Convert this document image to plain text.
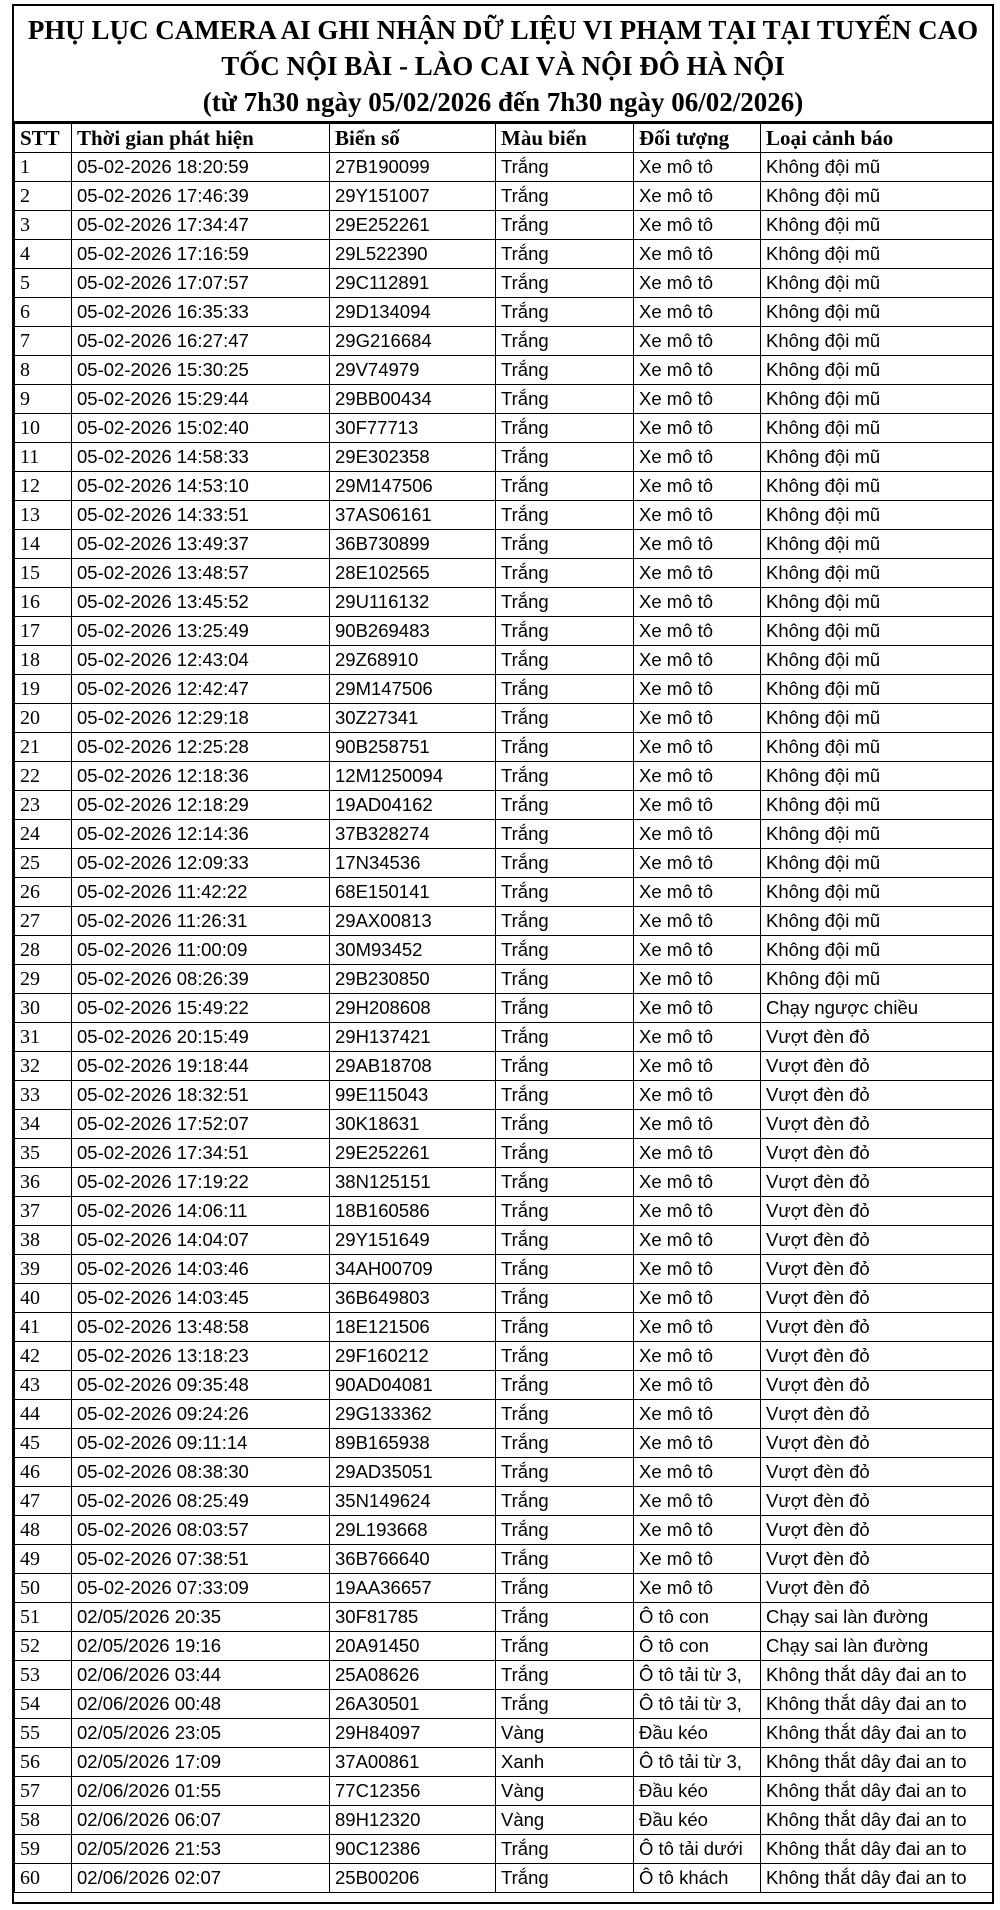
PHỤ LỤC CAMERA AI GHI NHẬN DỮ LIỆU VI PHẠM TẠI TẠI TUYẾN CAO
TỐC NỘI BÀI - LÀO CAI VÀ NỘI ĐÔ HÀ NỘI
(từ 7h30 ngày 05/02/2026 đến 7h30 ngày 06/02/2026)
STT	Thời gian phát hiện	Biển số	Màu biển	Đối tượng	Loại cảnh báo
1	05-02-2026 18:20:59	27B190099	Trắng	Xe mô tô	Không đội mũ
2	05-02-2026 17:46:39	29Y151007	Trắng	Xe mô tô	Không đội mũ
3	05-02-2026 17:34:47	29E252261	Trắng	Xe mô tô	Không đội mũ
4	05-02-2026 17:16:59	29L522390	Trắng	Xe mô tô	Không đội mũ
5	05-02-2026 17:07:57	29C112891	Trắng	Xe mô tô	Không đội mũ
6	05-02-2026 16:35:33	29D134094	Trắng	Xe mô tô	Không đội mũ
7	05-02-2026 16:27:47	29G216684	Trắng	Xe mô tô	Không đội mũ
8	05-02-2026 15:30:25	29V74979	Trắng	Xe mô tô	Không đội mũ
9	05-02-2026 15:29:44	29BB00434	Trắng	Xe mô tô	Không đội mũ
10	05-02-2026 15:02:40	30F77713	Trắng	Xe mô tô	Không đội mũ
11	05-02-2026 14:58:33	29E302358	Trắng	Xe mô tô	Không đội mũ
12	05-02-2026 14:53:10	29M147506	Trắng	Xe mô tô	Không đội mũ
13	05-02-2026 14:33:51	37AS06161	Trắng	Xe mô tô	Không đội mũ
14	05-02-2026 13:49:37	36B730899	Trắng	Xe mô tô	Không đội mũ
15	05-02-2026 13:48:57	28E102565	Trắng	Xe mô tô	Không đội mũ
16	05-02-2026 13:45:52	29U116132	Trắng	Xe mô tô	Không đội mũ
17	05-02-2026 13:25:49	90B269483	Trắng	Xe mô tô	Không đội mũ
18	05-02-2026 12:43:04	29Z68910	Trắng	Xe mô tô	Không đội mũ
19	05-02-2026 12:42:47	29M147506	Trắng	Xe mô tô	Không đội mũ
20	05-02-2026 12:29:18	30Z27341	Trắng	Xe mô tô	Không đội mũ
21	05-02-2026 12:25:28	90B258751	Trắng	Xe mô tô	Không đội mũ
22	05-02-2026 12:18:36	12M1250094	Trắng	Xe mô tô	Không đội mũ
23	05-02-2026 12:18:29	19AD04162	Trắng	Xe mô tô	Không đội mũ
24	05-02-2026 12:14:36	37B328274	Trắng	Xe mô tô	Không đội mũ
25	05-02-2026 12:09:33	17N34536	Trắng	Xe mô tô	Không đội mũ
26	05-02-2026 11:42:22	68E150141	Trắng	Xe mô tô	Không đội mũ
27	05-02-2026 11:26:31	29AX00813	Trắng	Xe mô tô	Không đội mũ
28	05-02-2026 11:00:09	30M93452	Trắng	Xe mô tô	Không đội mũ
29	05-02-2026 08:26:39	29B230850	Trắng	Xe mô tô	Không đội mũ
30	05-02-2026 15:49:22	29H208608	Trắng	Xe mô tô	Chạy ngược chiều
31	05-02-2026 20:15:49	29H137421	Trắng	Xe mô tô	Vượt đèn đỏ
32	05-02-2026 19:18:44	29AB18708	Trắng	Xe mô tô	Vượt đèn đỏ
33	05-02-2026 18:32:51	99E115043	Trắng	Xe mô tô	Vượt đèn đỏ
34	05-02-2026 17:52:07	30K18631	Trắng	Xe mô tô	Vượt đèn đỏ
35	05-02-2026 17:34:51	29E252261	Trắng	Xe mô tô	Vượt đèn đỏ
36	05-02-2026 17:19:22	38N125151	Trắng	Xe mô tô	Vượt đèn đỏ
37	05-02-2026 14:06:11	18B160586	Trắng	Xe mô tô	Vượt đèn đỏ
38	05-02-2026 14:04:07	29Y151649	Trắng	Xe mô tô	Vượt đèn đỏ
39	05-02-2026 14:03:46	34AH00709	Trắng	Xe mô tô	Vượt đèn đỏ
40	05-02-2026 14:03:45	36B649803	Trắng	Xe mô tô	Vượt đèn đỏ
41	05-02-2026 13:48:58	18E121506	Trắng	Xe mô tô	Vượt đèn đỏ
42	05-02-2026 13:18:23	29F160212	Trắng	Xe mô tô	Vượt đèn đỏ
43	05-02-2026 09:35:48	90AD04081	Trắng	Xe mô tô	Vượt đèn đỏ
44	05-02-2026 09:24:26	29G133362	Trắng	Xe mô tô	Vượt đèn đỏ
45	05-02-2026 09:11:14	89B165938	Trắng	Xe mô tô	Vượt đèn đỏ
46	05-02-2026 08:38:30	29AD35051	Trắng	Xe mô tô	Vượt đèn đỏ
47	05-02-2026 08:25:49	35N149624	Trắng	Xe mô tô	Vượt đèn đỏ
48	05-02-2026 08:03:57	29L193668	Trắng	Xe mô tô	Vượt đèn đỏ
49	05-02-2026 07:38:51	36B766640	Trắng	Xe mô tô	Vượt đèn đỏ
50	05-02-2026 07:33:09	19AA36657	Trắng	Xe mô tô	Vượt đèn đỏ
51	02/05/2026 20:35	30F81785	Trắng	Ô tô con	Chạy sai làn đường
52	02/05/2026 19:16	20A91450	Trắng	Ô tô con	Chạy sai làn đường
53	02/06/2026 03:44	25A08626	Trắng	Ô tô tải từ 3,	Không thắt dây đai an to
54	02/06/2026 00:48	26A30501	Trắng	Ô tô tải từ 3,	Không thắt dây đai an to
55	02/05/2026 23:05	29H84097	Vàng	Đầu kéo	Không thắt dây đai an to
56	02/05/2026 17:09	37A00861	Xanh	Ô tô tải từ 3,	Không thắt dây đai an to
57	02/06/2026 01:55	77C12356	Vàng	Đầu kéo	Không thắt dây đai an to
58	02/06/2026 06:07	89H12320	Vàng	Đầu kéo	Không thắt dây đai an to
59	02/05/2026 21:53	90C12386	Trắng	Ô tô tải dưới	Không thắt dây đai an to
60	02/06/2026 02:07	25B00206	Trắng	Ô tô khách	Không thắt dây đai an to
